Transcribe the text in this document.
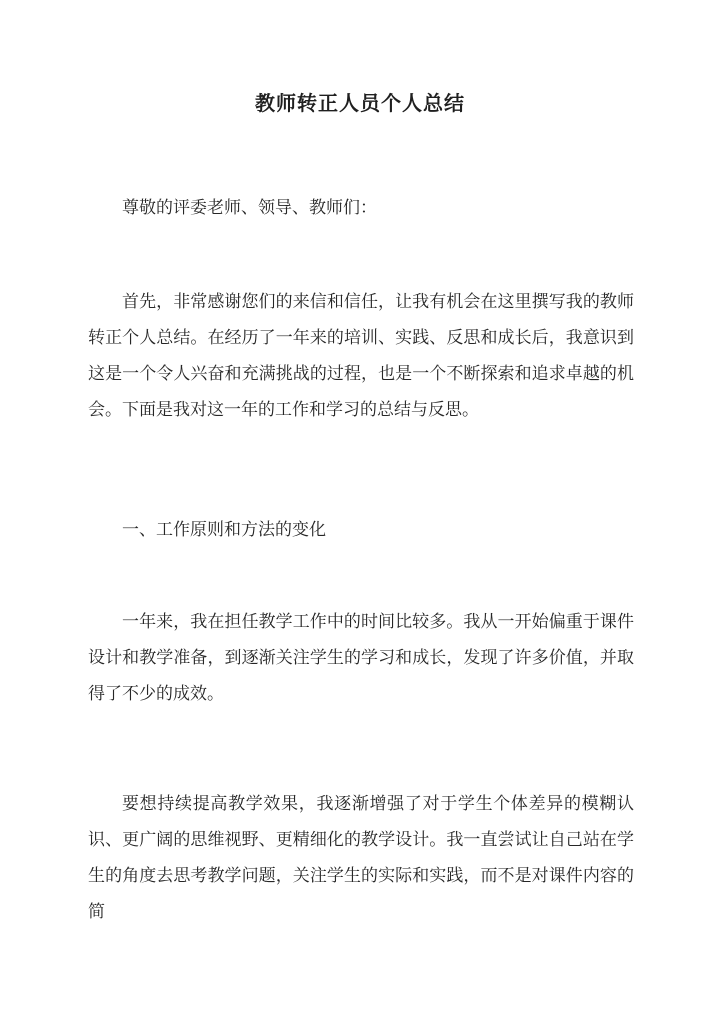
教师转正人员个人总结

尊敬的评委老师、领导、教师们：

首先，非常感谢您们的来信和信任，让我有机会在这里撰写我的教师转正个人总结。在经历了一年来的培训、实践、反思和成长后，我意识到这是一个令人兴奋和充满挑战的过程，也是一个不断探索和追求卓越的机会。下面是我对这一年的工作和学习的总结与反思。

一、工作原则和方法的变化

一年来，我在担任教学工作中的时间比较多。我从一开始偏重于课件设计和教学准备，到逐渐关注学生的学习和成长，发现了许多价值，并取得了不少的成效。

要想持续提高教学效果，我逐渐增强了对于学生个体差异的模糊认识、更广阔的思维视野、更精细化的教学设计。我一直尝试让自己站在学生的角度去思考教学问题，关注学生的实际和实践，而不是对课件内容的简
